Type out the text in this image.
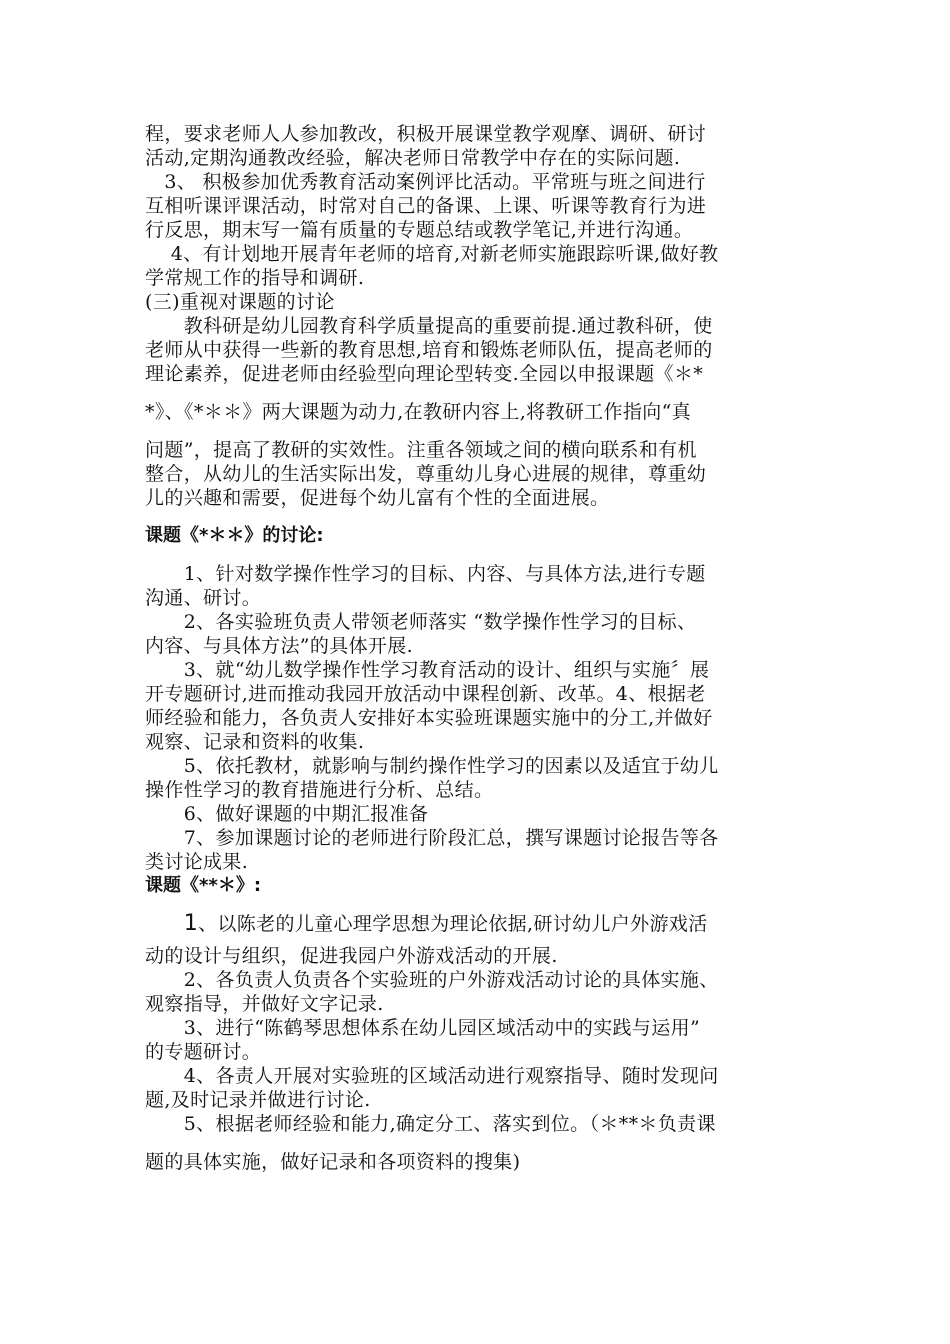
程，要求老师人人参加教改，积极开展课堂教学观摩、调研、研讨
活动,定期沟通教改经验，解决老师日常教学中存在的实际问题.
　3、 积极参加优秀教育活动案例评比活动。平常班与班之间进行
互相听课评课活动，时常对自己的备课、上课、听课等教育行为进
行反思，期末写一篇有质量的专题总结或教学笔记,并进行沟通。
　 4、有计划地开展青年老师的培育,对新老师实施跟踪听课,做好教
学常规工作的指导和调研.
(三)重视对课题的讨论
　　教科研是幼儿园教育科学质量提高的重要前提.通过教科研，使
老师从中获得一些新的教育思想,培育和锻炼老师队伍，提高老师的
理论素养，促进老师由经验型向理论型转变.全园以申报课题《＊*
*》、《*＊＊》两大课题为动力,在教研内容上,将教研工作指向“真
问题”，提高了教研的实效性。注重各领域之间的横向联系和有机
整合，从幼儿的生活实际出发，尊重幼儿身心进展的规律，尊重幼
儿的兴趣和需要，促进每个幼儿富有个性的全面进展。
课题《*＊＊》的讨论:
　　1、针对数学操作性学习的目标、内容、与具体方法,进行专题
沟通、研讨。
　　2、各实验班负责人带领老师落实 “数学操作性学习的目标、
内容、与具体方法”的具体开展.
　　3、就“幼儿数学操作性学习教育活动的设计、组织与实施〞展
开专题研讨,进而推动我园开放活动中课程创新、改革。4、根据老
师经验和能力，各负责人安排好本实验班课题实施中的分工,并做好
观察、记录和资料的收集.
　　5、依托教材，就影响与制约操作性学习的因素以及适宜于幼儿
操作性学习的教育措施进行分析、总结。
　　6、做好课题的中期汇报准备
　　7、参加课题讨论的老师进行阶段汇总，撰写课题讨论报告等各
类讨论成果.
课题《**＊》:
　　1、以陈老的儿童心理学思想为理论依据,研讨幼儿户外游戏活
动的设计与组织，促进我园户外游戏活动的开展.
　　2、各负责人负责各个实验班的户外游戏活动讨论的具体实施、
观察指导，并做好文字记录.
　　3、进行“陈鹤琴思想体系在幼儿园区域活动中的实践与运用”
的专题研讨。
　　4、各责人开展对实验班的区域活动进行观察指导、随时发现问
题,及时记录并做进行讨论.
　　5、根据老师经验和能力,确定分工、落实到位。（＊**＊负责课
题的具体实施，做好记录和各项资料的搜集)
